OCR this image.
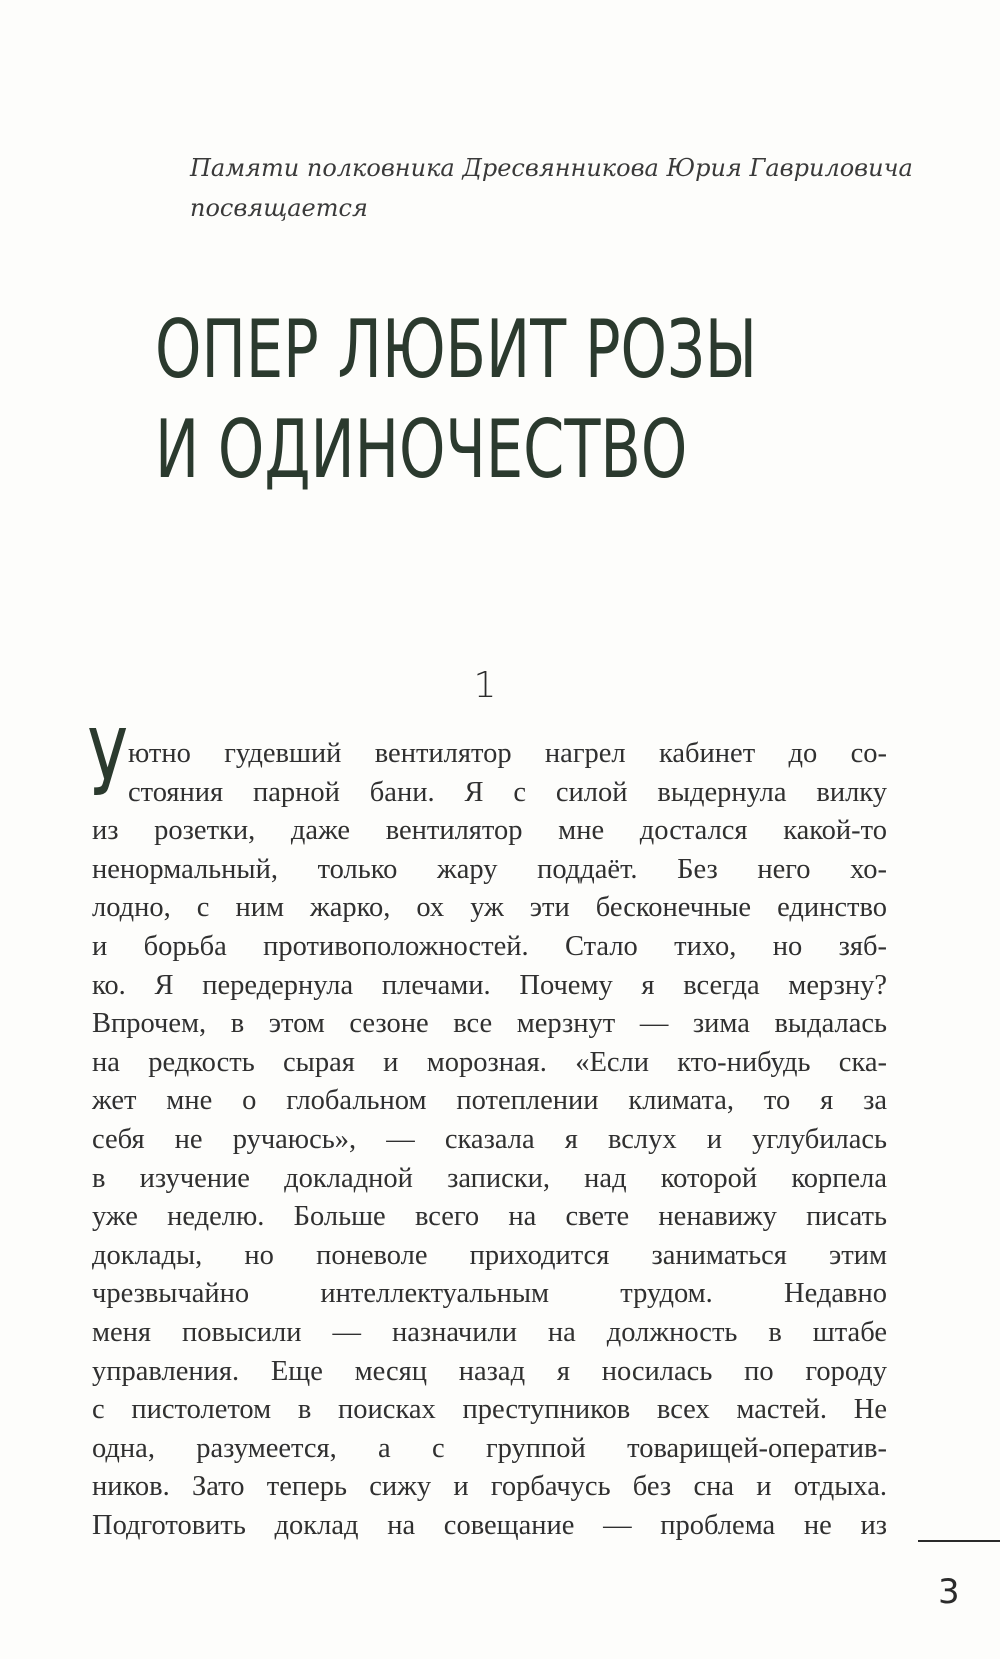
Памяти полковника Дресвянникова Юрия Гавриловича
посвящается
ОПЕР ЛЮБИТ РОЗЫ
И ОДИНОЧЕСТВО
1
У ютно гудевший вентилятор нагрел кабинет до со-
стояния парной бани. Я с силой выдернула вилку
из розетки, даже вентилятор мне достался какой-то
ненормальный, только жару поддаёт. Без него хо-
лодно, с ним жарко, ох уж эти бесконечные единство
и борьба противоположностей. Стало тихо, но зяб-
ко. Я передернула плечами. Почему я всегда мерзну?
Впрочем, в этом сезоне все мерзнут — зима выдалась
на редкость сырая и морозная. «Если кто-нибудь ска-
жет мне о глобальном потеплении климата, то я за
себя не ручаюсь», — сказала я вслух и углубилась
в изучение докладной записки, над которой корпела
уже неделю. Больше всего на свете ненавижу писать
доклады, но поневоле приходится заниматься этим
чрезвычайно интеллектуальным трудом. Недавно
меня повысили — назначили на должность в штабе
управления. Еще месяц назад я носилась по городу
с пистолетом в поисках преступников всех мастей. Не
одна, разумеется, а с группой товарищей-оператив-
ников. Зато теперь сижу и горбачусь без сна и отдыха.
Подготовить доклад на совещание — проблема не из
3
